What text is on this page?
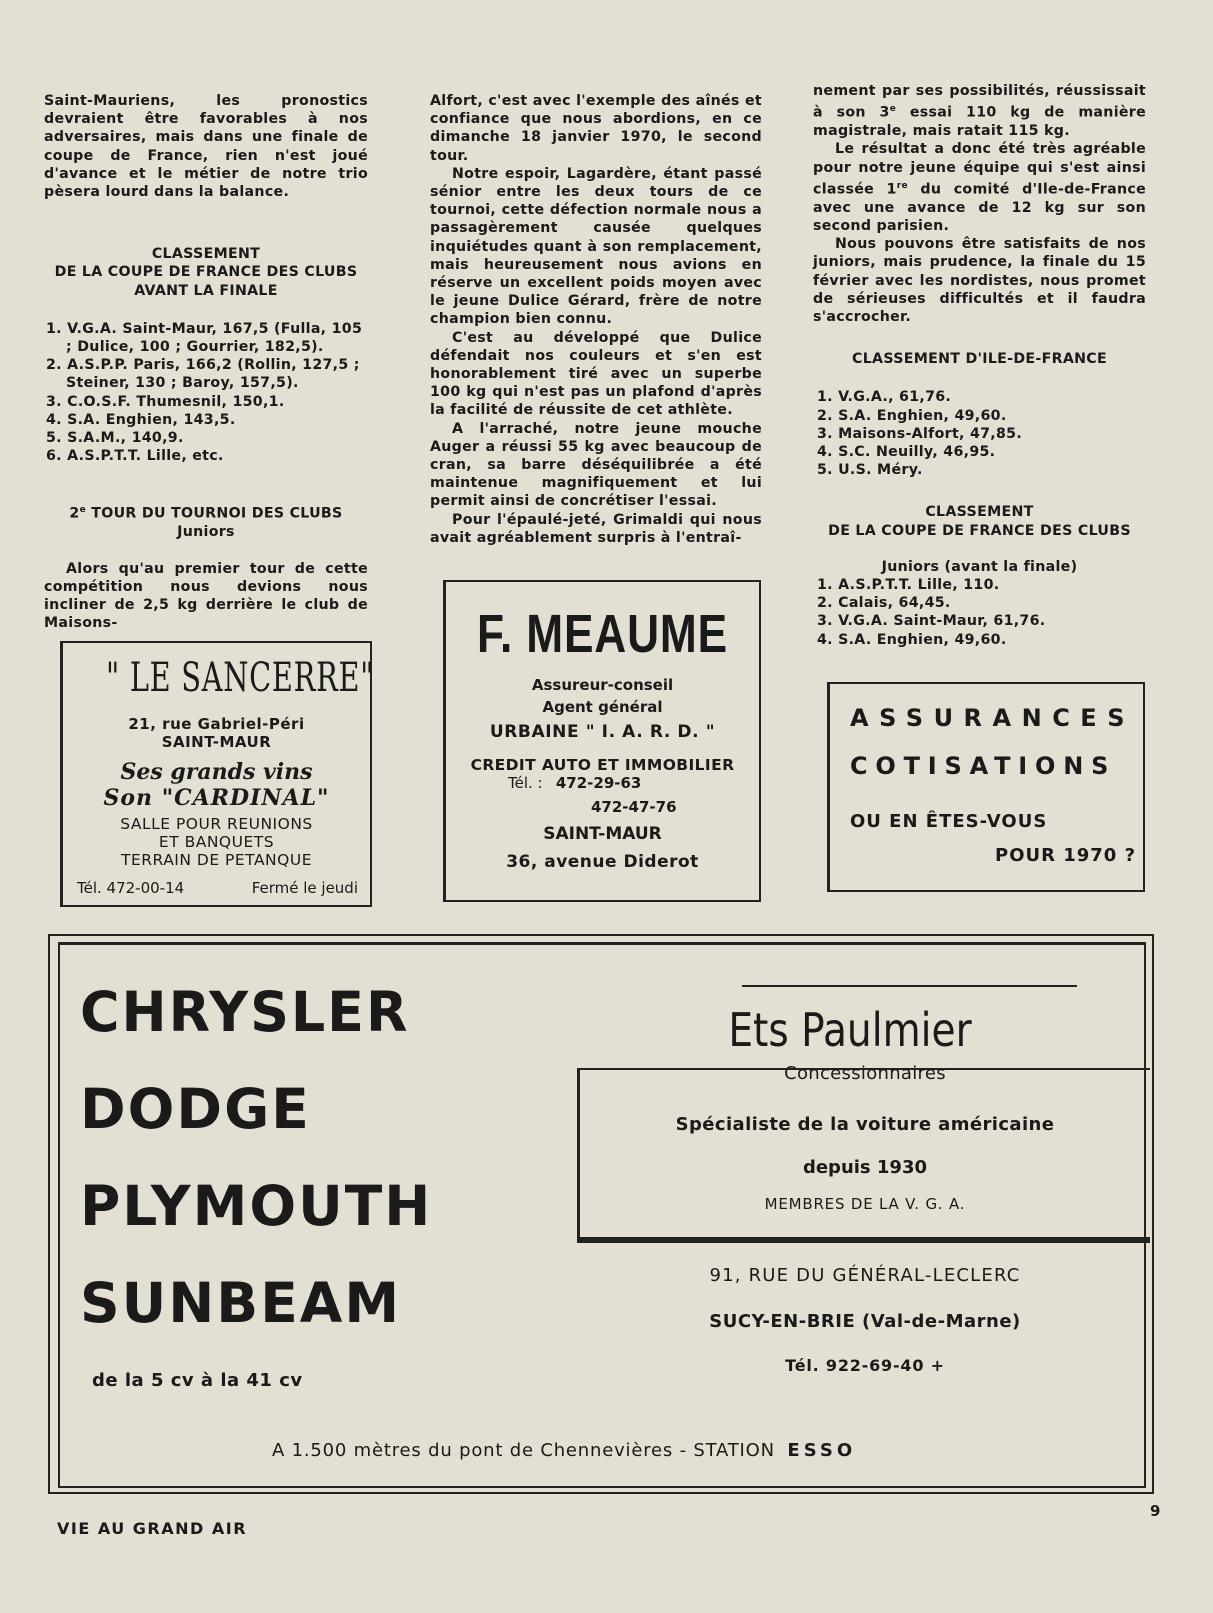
Saint-Mauriens, les pronostics devraient être favorables à nos adversaires, mais dans une finale de coupe de France, rien n'est joué d'avance et le métier de notre trio pèsera lourd dans la balance.

CLASSEMENT
DE LA COUPE DE FRANCE DES CLUBS
AVANT LA FINALE
1. V.G.A. Saint-Maur, 167,5 (Fulla, 105 ; Dulice, 100 ; Gourrier, 182,5).
2. A.S.P.P. Paris, 166,2 (Rollin, 127,5 ; Steiner, 130 ; Baroy, 157,5).
3. C.O.S.F. Thumesnil, 150,1.
4. S.A. Enghien, 143,5.
5. S.A.M., 140,9.
6. A.S.P.T.T. Lille, etc.
2e TOUR DU TOURNOI DES CLUBS
Juniors

Alors qu'au premier tour de cette compétition nous devions nous incliner de 2,5 kg derrière le club de Maisons-

Alfort, c'est avec l'exemple des aînés et confiance que nous abordions, en ce dimanche 18 janvier 1970, le second tour.

Notre espoir, Lagardère, étant passé sénior entre les deux tours de ce tournoi, cette défection normale nous a passagèrement causée quelques inquiétudes quant à son remplacement, mais heureusement nous avions en réserve un excellent poids moyen avec le jeune Dulice Gérard, frère de notre champion bien connu.

C'est au développé que Dulice défendait nos couleurs et s'en est honorablement tiré avec un superbe 100 kg qui n'est pas un plafond d'après la facilité de réussite de cet athlète.

A l'arraché, notre jeune mouche Auger a réussi 55 kg avec beaucoup de cran, sa barre déséquilibrée a été maintenue magnifiquement et lui permit ainsi de concrétiser l'essai.

Pour l'épaulé-jeté, Grimaldi qui nous avait agréablement surpris à l'entraî-

nement par ses possibilités, réussissait à son 3e essai 110 kg de manière magistrale, mais ratait 115 kg.

Le résultat a donc été très agréable pour notre jeune équipe qui s'est ainsi classée 1re du comité d'Ile-de-France avec une avance de 12 kg sur son second parisien.

Nous pouvons être satisfaits de nos juniors, mais prudence, la finale du 15 février avec les nordistes, nous promet de sérieuses difficultés et il faudra s'accrocher.

CLASSEMENT D'ILE-DE-FRANCE
1. V.G.A., 61,76.
2. S.A. Enghien, 49,60.
3. Maisons-Alfort, 47,85.
4. S.C. Neuilly, 46,95.
5. U.S. Méry.
CLASSEMENT
DE LA COUPE DE FRANCE DES CLUBS
Juniors (avant la finale)
1. A.S.P.T.T. Lille, 110.
2. Calais, 64,45.
3. V.G.A. Saint-Maur, 61,76.
4. S.A. Enghien, 49,60.
" LE SANCERRE"
21, rue Gabriel-Péri
SAINT-MAUR
Ses grands vins
Son "CARDINAL"
SALLE POUR REUNIONS
ET BANQUETS
TERRAIN DE PETANQUE
Tél. 472-00-14	Fermé le jeudi
F. MEAUME
Assureur-conseil
Agent général
URBAINE " I. A. R. D. "
CREDIT AUTO ET IMMOBILIER
Tél. : 472-29-63
472-47-76
SAINT-MAUR
36, avenue Diderot
ASSURANCES
COTISATIONS
OU EN ÊTES-VOUS
POUR 1970 ?
CHRYSLER
DODGE
PLYMOUTH
SUNBEAM
de la 5 cv à la 41 cv
Ets Paulmier
Concessionnaires
Spécialiste de la voiture américaine
depuis 1930
MEMBRES DE LA V. G. A.
91, RUE DU GÉNÉRAL-LECLERC
SUCY-EN-BRIE (Val-de-Marne)
Tél. 922-69-40 +
A 1.500 mètres du pont de Chennevières - STATION ESSO
9
VIE AU GRAND AIR
